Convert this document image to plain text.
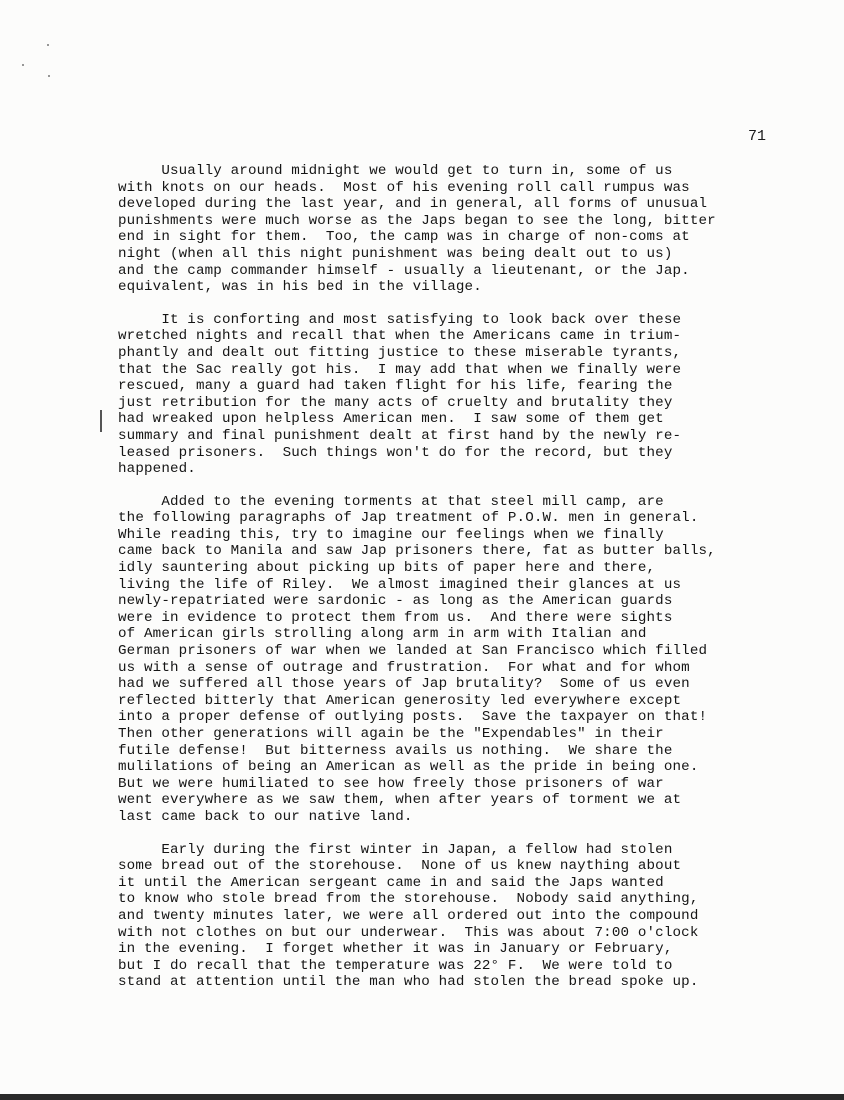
71

Usually around midnight we would get to turn in, some of us
with knots on our heads.  Most of his evening roll call rumpus was
developed during the last year, and in general, all forms of unusual
punishments were much worse as the Japs began to see the long, bitter
end in sight for them.  Too, the camp was in charge of non-coms at
night (when all this night punishment was being dealt out to us)
and the camp commander himself - usually a lieutenant, or the Jap.
equivalent, was in his bed in the village.

It is conforting and most satisfying to look back over these
wretched nights and recall that when the Americans came in trium-
phantly and dealt out fitting justice to these miserable tyrants,
that the Sac really got his.  I may add that when we finally were
rescued, many a guard had taken flight for his life, fearing the
just retribution for the many acts of cruelty and brutality they
had wreaked upon helpless American men.  I saw some of them get
summary and final punishment dealt at first hand by the newly re-
leased prisoners.  Such things won't do for the record, but they
happened.

Added to the evening torments at that steel mill camp, are
the following paragraphs of Jap treatment of P.O.W. men in general.
While reading this, try to imagine our feelings when we finally
came back to Manila and saw Jap prisoners there, fat as butter balls,
idly sauntering about picking up bits of paper here and there,
living the life of Riley.  We almost imagined their glances at us
newly-repatriated were sardonic - as long as the American guards
were in evidence to protect them from us.  And there were sights
of American girls strolling along arm in arm with Italian and
German prisoners of war when we landed at San Francisco which filled
us with a sense of outrage and frustration.  For what and for whom
had we suffered all those years of Jap brutality?  Some of us even
reflected bitterly that American generosity led everywhere except
into a proper defense of outlying posts.  Save the taxpayer on that!
Then other generations will again be the "Expendables" in their
futile defense!  But bitterness avails us nothing.  We share the
mulilations of being an American as well as the pride in being one.
But we were humiliated to see how freely those prisoners of war
went everywhere as we saw them, when after years of torment we at
last came back to our native land.

Early during the first winter in Japan, a fellow had stolen
some bread out of the storehouse.  None of us knew naything about
it until the American sergeant came in and said the Japs wanted
to know who stole bread from the storehouse.  Nobody said anything,
and twenty minutes later, we were all ordered out into the compound
with not clothes on but our underwear.  This was about 7:00 o'clock
in the evening.  I forget whether it was in January or February,
but I do recall that the temperature was 22° F.  We were told to
stand at attention until the man who had stolen the bread spoke up.
